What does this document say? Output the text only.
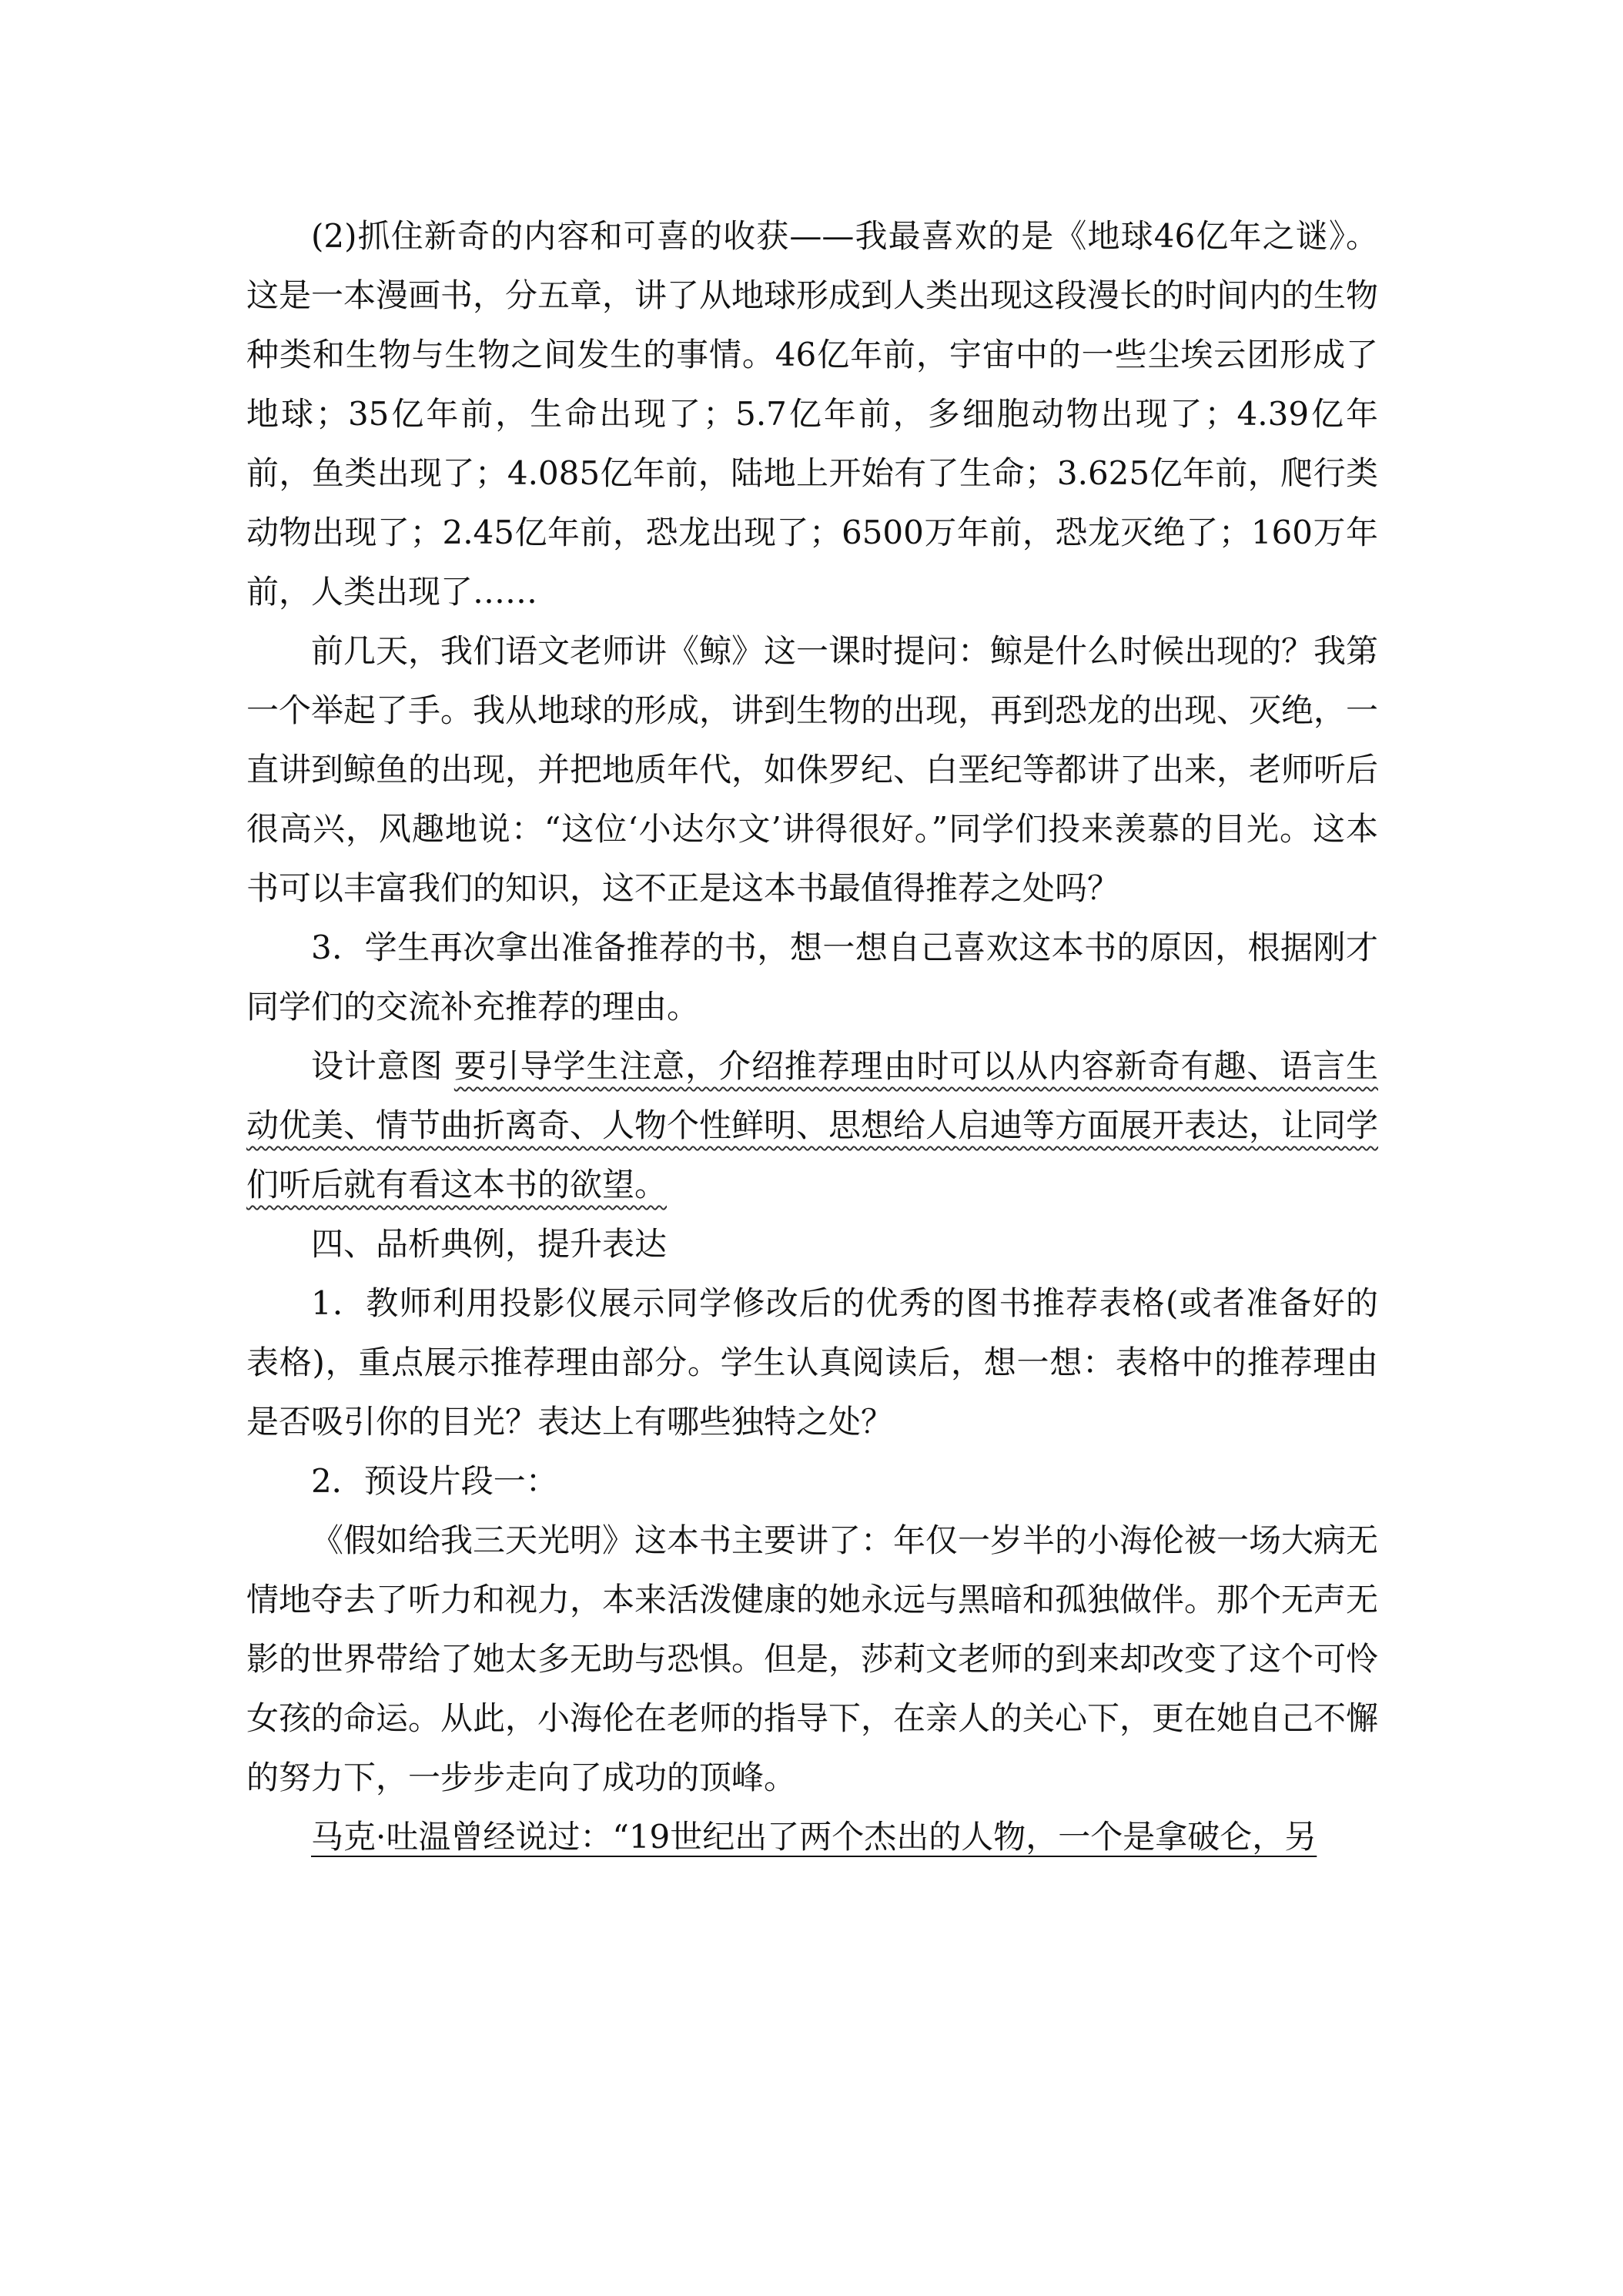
(2)抓住新奇的内容和可喜的收获——我最喜欢的是《地球46亿年之谜》。这是一本漫画书，分五章，讲了从地球形成到人类出现这段漫长的时间内的生物种类和生物与生物之间发生的事情。46亿年前，宇宙中的一些尘埃云团形成了地球；35亿年前，生命出现了；5.7亿年前，多细胞动物出现了；4.39亿年前，鱼类出现了；4.085亿年前，陆地上开始有了生命；3.625亿年前，爬行类动物出现了；2.45亿年前，恐龙出现了；6500万年前，恐龙灭绝了；160万年前，人类出现了……

前几天，我们语文老师讲《鲸》这一课时提问：鲸是什么时候出现的？我第一个举起了手。我从地球的形成，讲到生物的出现，再到恐龙的出现、灭绝，一直讲到鲸鱼的出现，并把地质年代，如侏罗纪、白垩纪等都讲了出来，老师听后很高兴，风趣地说：“这位‘小达尔文’讲得很好。”同学们投来羡慕的目光。这本书可以丰富我们的知识，这不正是这本书最值得推荐之处吗？

3．学生再次拿出准备推荐的书，想一想自己喜欢这本书的原因，根据刚才同学们的交流补充推荐的理由。

设计意图 要引导学生注意，介绍推荐理由时可以从内容新奇有趣、语言生动优美、情节曲折离奇、人物个性鲜明、思想给人启迪等方面展开表达，让同学们听后就有看这本书的欲望。

四、品析典例，提升表达

1．教师利用投影仪展示同学修改后的优秀的图书推荐表格(或者准备好的表格)，重点展示推荐理由部分。学生认真阅读后，想一想：表格中的推荐理由是否吸引你的目光？表达上有哪些独特之处？

2．预设片段一：

《假如给我三天光明》这本书主要讲了：年仅一岁半的小海伦被一场大病无情地夺去了听力和视力，本来活泼健康的她永远与黑暗和孤独做伴。那个无声无影的世界带给了她太多无助与恐惧。但是，莎莉文老师的到来却改变了这个可怜女孩的命运。从此，小海伦在老师的指导下，在亲人的关心下，更在她自己不懈的努力下，一步步走向了成功的顶峰。

马克·吐温曾经说过：“19世纪出了两个杰出的人物，一个是拿破仑，另
